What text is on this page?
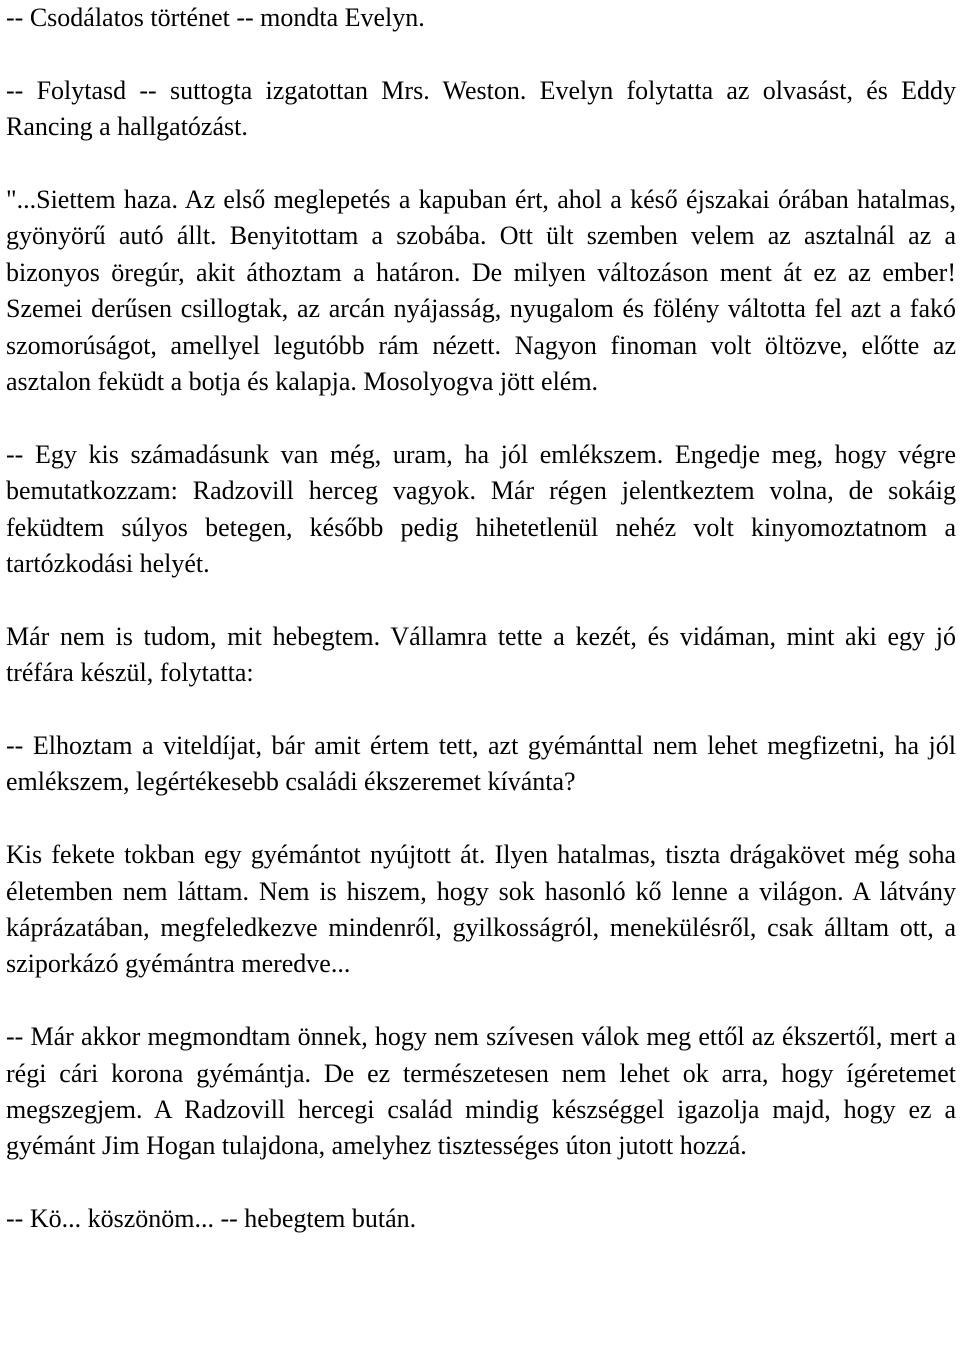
-- Csodálatos történet -- mondta Evelyn.

-- Folytasd -- suttogta izgatottan Mrs. Weston. Evelyn folytatta az olvasást, és Eddy Rancing a hallgatózást.

"...Siettem haza. Az első meglepetés a kapuban ért, ahol a késő éjszakai órában hatalmas, gyönyörű autó állt. Benyitottam a szobába. Ott ült szemben velem az asztalnál az a bizonyos öregúr, akit áthoztam a határon. De milyen változáson ment át ez az ember! Szemei derűsen csillogtak, az arcán nyájasság, nyugalom és fölény váltotta fel azt a fakó szomorúságot, amellyel legutóbb rám nézett. Nagyon finoman volt öltözve, előtte az asztalon feküdt a botja és kalapja. Mosolyogva jött elém.

-- Egy kis számadásunk van még, uram, ha jól emlékszem. Engedje meg, hogy végre bemutatkozzam: Radzovill herceg vagyok. Már régen jelentkeztem volna, de sokáig feküdtem súlyos betegen, később pedig hihetetlenül nehéz volt kinyomoztatnom a tartózkodási helyét.

Már nem is tudom, mit hebegtem. Vállamra tette a kezét, és vidáman, mint aki egy jó tréfára készül, folytatta:

-- Elhoztam a viteldíjat, bár amit értem tett, azt gyémánttal nem lehet megfizetni, ha jól emlékszem, legértékesebb családi ékszeremet kívánta?

Kis fekete tokban egy gyémántot nyújtott át. Ilyen hatalmas, tiszta drágakövet még soha életemben nem láttam. Nem is hiszem, hogy sok hasonló kő lenne a világon. A látvány káprázatában, megfeledkezve mindenről, gyilkosságról, menekülésről, csak álltam ott, a sziporkázó gyémántra meredve...

-- Már akkor megmondtam önnek, hogy nem szívesen válok meg ettől az ékszertől, mert a régi cári korona gyémántja. De ez természetesen nem lehet ok arra, hogy ígéretemet megszegjem. A Radzovill hercegi család mindig készséggel igazolja majd, hogy ez a gyémánt Jim Hogan tulajdona, amelyhez tisztességes úton jutott hozzá.

-- Kö... köszönöm... -- hebegtem bután.
